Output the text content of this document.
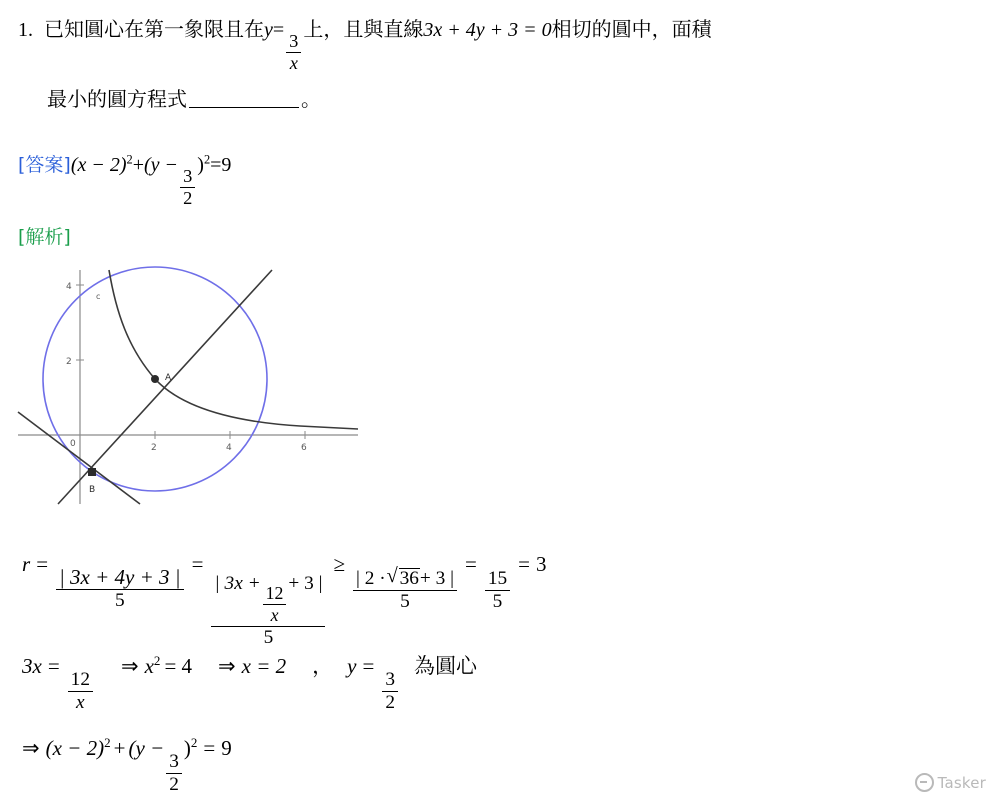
1. 已知圓心在第一象限且在y=
$\frac{3}{x}$
上，且與直線3x + 4y + 3 = 0相切的圓中，面積
最小的圓方程式	。
[答案]$(x - 2)^2+(y$ −
$\frac{3}{2}$
)$^2$=9
[解析]
2	4	6
2
4
0
A
B
c
r =
$\frac{| 3x + 4y + 3 |}{5}$
=
| 3x +
$\frac{12}{x}$
+ 3 |
5
≥
$\frac{| 2 \cdot √ 36+ 3 |}{5}$
=
$\frac{15}{5}$
= 3
3x =
$\frac{12}{x}$
⇒ $x^2 = 4$ ⇒ x = 2 ， y =
$\frac{3}{2}$
為圓心
⇒ $(x - 2)^2 + (y$ −
$\frac{3}{2}$
)$^2$ = 9
Tasker
